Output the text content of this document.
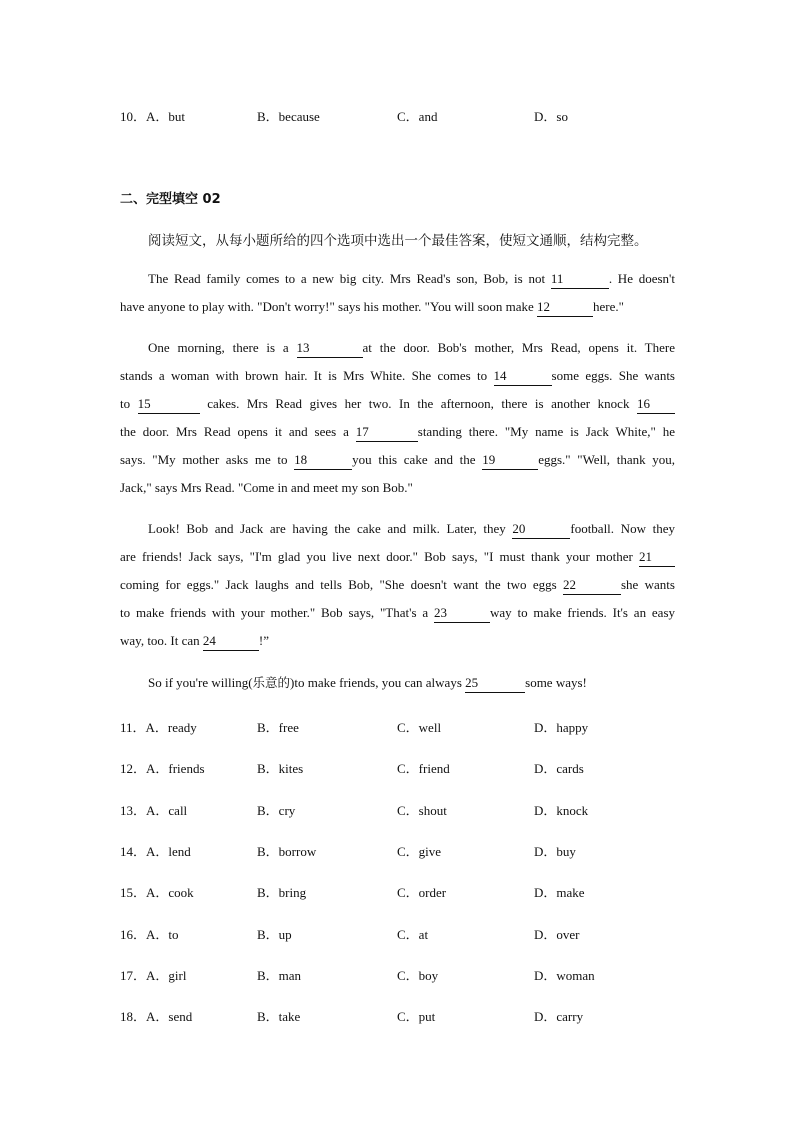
10．A．but	B．because	C．and	D．so
二、完型填空 02
阅读短文，从每小题所给的四个选项中选出一个最佳答案，使短文通顺，结构完整。
The Read family comes to a new big city. Mrs Read's son, Bob, is not 11	. He doesn't
have anyone to play with. "Don't worry!" says his mother. "You will soon make 12	here."
One morning, there is a 13	at the door. Bob's mother, Mrs Read, opens it. There
stands a woman with brown hair. It is Mrs White. She comes to 14	some eggs. She wants
to 15	cakes. Mrs Read gives her two. In the afternoon, there is another knock 16
the door. Mrs Read opens it and sees a 17	standing there. "My name is Jack White," he
says. "My mother asks me to 18	you this cake and the 19	eggs." "Well, thank you,
Jack," says Mrs Read. "Come in and meet my son Bob."
Look! Bob and Jack are having the cake and milk. Later, they 20	football. Now they
are friends! Jack says, "I'm glad you live next door." Bob says, "I must thank your mother 21
coming for eggs." Jack laughs and tells Bob, "She doesn't want the two eggs 22	she wants
to make friends with your mother." Bob says, "That's a 23	way to make friends. It's an easy
way, too. It can 24	!”
So if you're willing(乐意的)to make friends, you can always 25	some ways!
11．A．ready	B．free	C．well	D．happy
12．A．friends	B．kites	C．friend	D．cards
13．A．call	B．cry	C．shout	D．knock
14．A．lend	B．borrow	C．give	D．buy
15．A．cook	B．bring	C．order	D．make
16．A．to	B．up	C．at	D．over
17．A．girl	B．man	C．boy	D．woman
18．A．send	B．take	C．put	D．carry
